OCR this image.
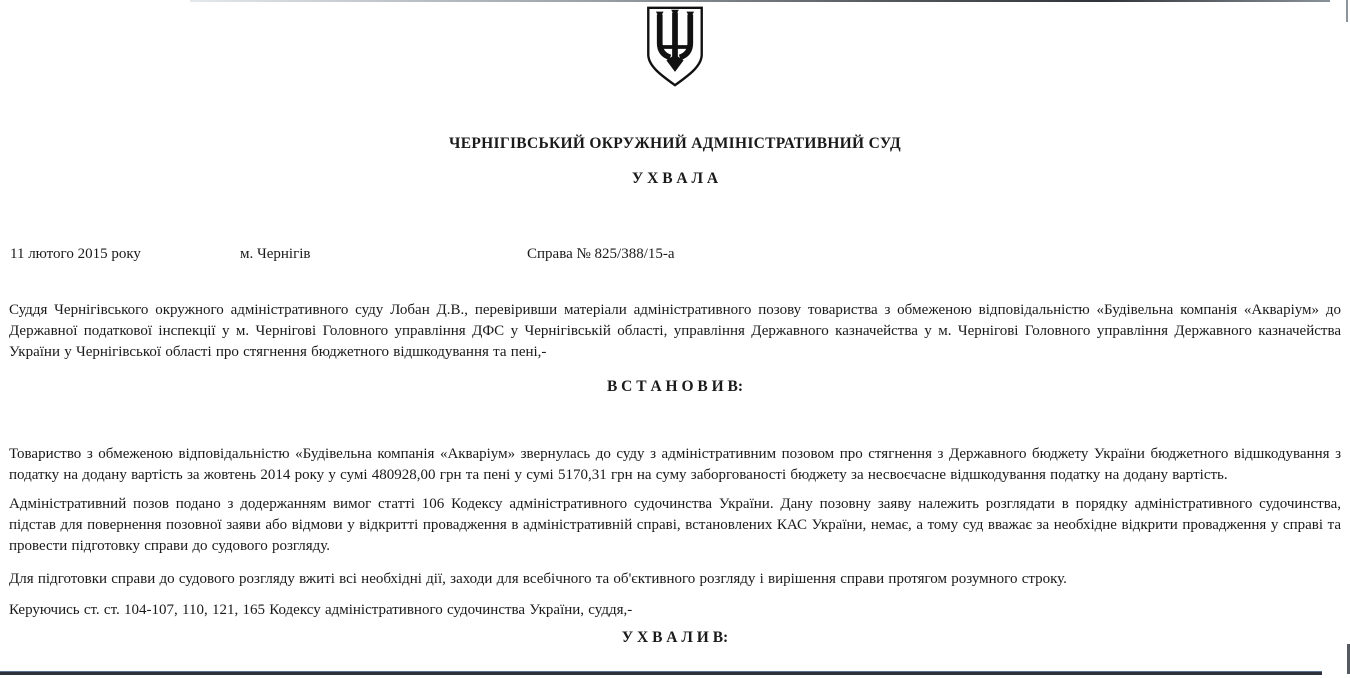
ЧЕРНІГІВСЬКИЙ ОКРУЖНИЙ АДМІНІСТРАТИВНИЙ СУД
У Х В А Л А
11 лютого 2015 року	м. Чернігів	Справа № 825/388/15-а

Суддя Чернігівського окружного адміністративного суду Лобан Д.В., перевіривши матеріали адміністративного позову товариства з обмеженою відповідальністю «Будівельна компанія «Акваріум» до Державної податкової інспекції у м. Чернігові Головного управління ДФС у Чернігівській області, управління Державного казначейства у м. Чернігові Головного управління Державного казначейства України у Чернігівської області про стягнення бюджетного відшкодування та пені,-

В С Т А Н О В И В:

Товариство з обмеженою відповідальністю «Будівельна компанія «Акваріум» звернулась до суду з адміністративним позовом про стягнення з Державного бюджету України бюджетного відшкодування з податку на додану вартість за жовтень 2014 року у сумі 480928,00 грн та пені у сумі 5170,31 грн на суму заборгованості бюджету за несвоєчасне відшкодування податку на додану вартість.

Адміністративний позов подано з додержанням вимог статті 106 Кодексу адміністративного судочинства України. Дану позовну заяву належить розглядати в порядку адміністративного судочинства, підстав для повернення позовної заяви або відмови у відкритті провадження в адміністративній справі, встановлених КАС України, немає, а тому суд вважає за необхідне відкрити провадження у справі та провести підготовку справи до судового розгляду.

Для підготовки справи до судового розгляду вжиті всі необхідні дії, заходи для всебічного та об'єктивного розгляду і вирішення справи протягом розумного строку.

Керуючись ст. ст. 104-107, 110, 121, 165 Кодексу адміністративного судочинства України, суддя,-

У Х В А Л И В:
